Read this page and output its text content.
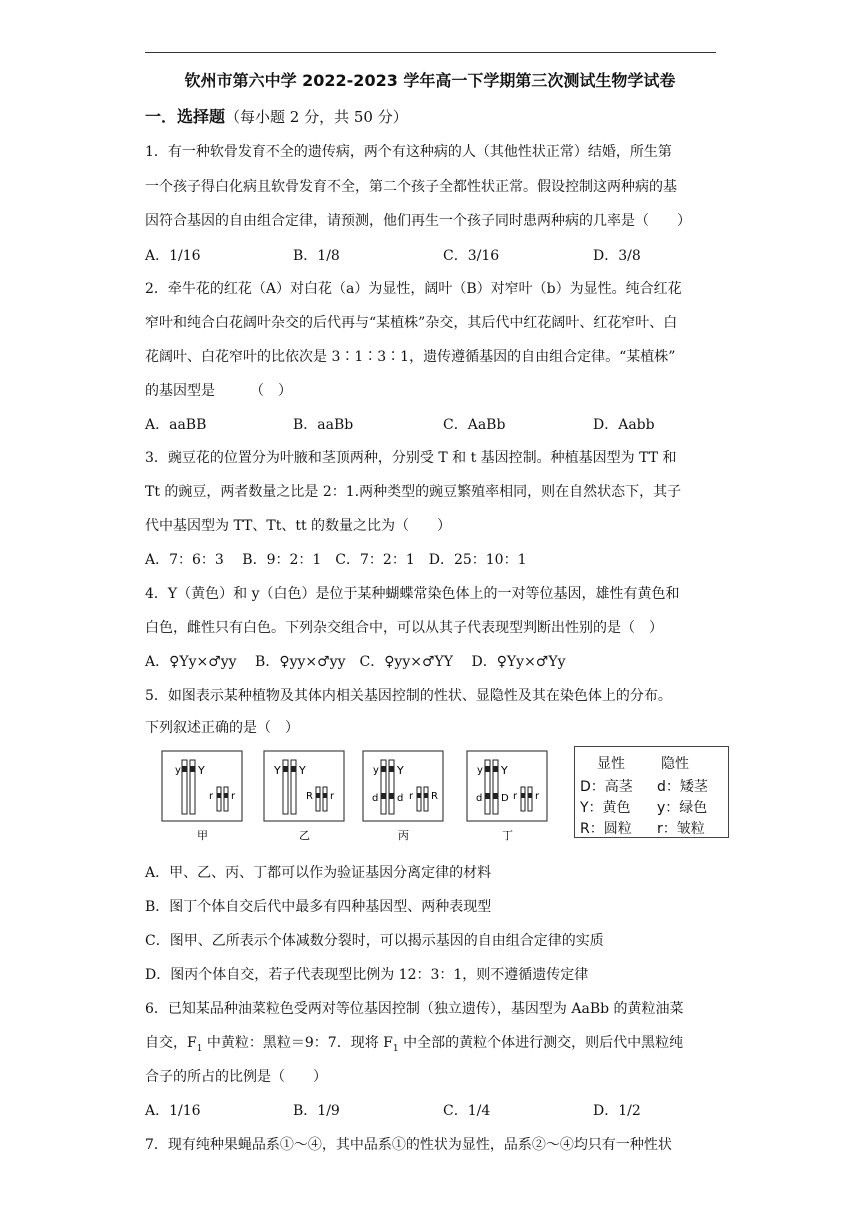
钦州市第六中学 2022-2023 学年高一下学期第三次测试生物学试卷
一．选择题（每小题 2 分，共 50 分）
1．有一种软骨发育不全的遗传病，两个有这种病的人（其他性状正常）结婚，所生第
一个孩子得白化病且软骨发育不全，第二个孩子全都性状正常。假设控制这两种病的基
因符合基因的自由组合定律，请预测，他们再生一个孩子同时患两种病的几率是（　　）
A．1/16	B．1/8	C．3/16	D．3/8
2．牵牛花的红花（A）对白花（a）为显性，阔叶（B）对窄叶（b）为显性。纯合红花
窄叶和纯合白花阔叶杂交的后代再与“某植株”杂交，其后代中红花阔叶、红花窄叶、白
花阔叶、白花窄叶的比依次是 3∶1∶3∶1，遗传遵循基因的自由组合定律。“某植株”
的基因型是　　　（　）
A．aaBB	B．aaBb	C．AaBb	D．Aabb
3．豌豆花的位置分为叶腋和茎顶两种，分别受 T 和 t 基因控制。种植基因型为 TT 和
Tt 的豌豆，两者数量之比是 2：1.两种类型的豌豆繁殖率相同，则在自然状态下，其子
代中基因型为 TT、Tt、tt 的数量之比为（　　）
A．7：6：3　 B．9：2：1　C．7：2：1　D．25：10：1
4．Y（黄色）和 y（白色）是位于某种蝴蝶常染色体上的一对等位基因，雄性有黄色和
白色，雌性只有白色。下列杂交组合中，可以从其子代表现型判断出性别的是（　）
A．♀Yy×♂yy　 B．♀yy×♂yy　C．♀yy×♂YY　 D．♀Yy×♂Yy
5．如图表示某种植物及其体内相关基因控制的性状、显隐性及其在染色体上的分布。
下列叙述正确的是（　）
y Y
r r
甲
Y Y
R r
乙
y Y
d d r R
丙
y Y
d D r r
丁
显性	隐性
D：高茎 d：矮茎
Y：黄色 y：绿色
R：圆粒 r：皱粒
A．甲、乙、丙、丁都可以作为验证基因分离定律的材料
B．图丁个体自交后代中最多有四种基因型、两种表现型
C．图甲、乙所表示个体减数分裂时，可以揭示基因的自由组合定律的实质
D．图丙个体自交，若子代表现型比例为 12：3：1，则不遵循遗传定律
6．已知某品种油菜粒色受两对等位基因控制（独立遗传），基因型为 AaBb 的黄粒油菜
自交，$F_1$ 中黄粒：黑粒＝9：7．现将 $F_1$ 中全部的黄粒个体进行测交，则后代中黑粒纯
合子的所占的比例是（　　）
A．1/16	B．1/9	C．1/4	D．1/2
7．现有纯种果蝇品系①～④，其中品系①的性状为显性，品系②～④均只有一种性状
